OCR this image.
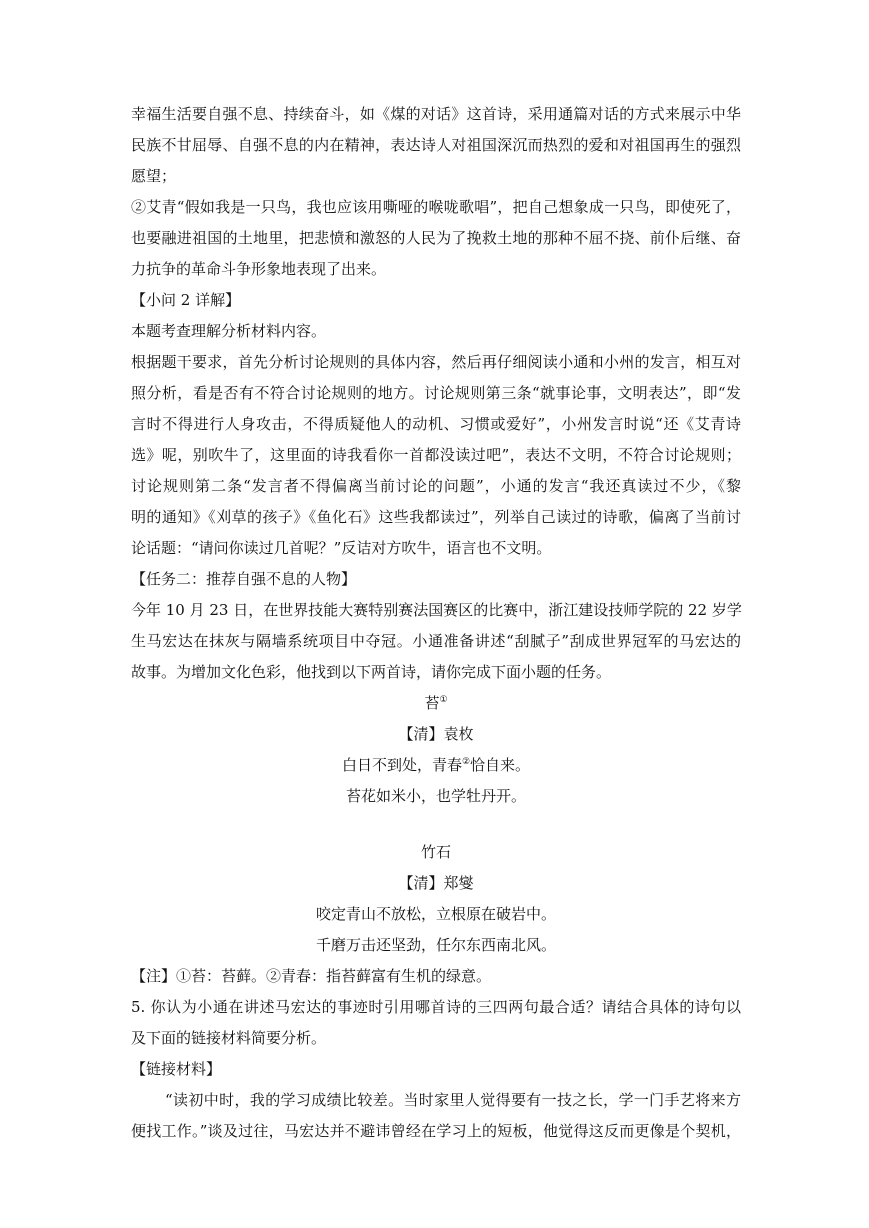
幸福生活要自强不息、持续奋斗，如《煤的对话》这首诗，采用通篇对话的方式来展示中华
民族不甘屈辱、自强不息的内在精神，表达诗人对祖国深沉而热烈的爱和对祖国再生的强烈
愿望；
②艾青“假如我是一只鸟，我也应该用嘶哑的喉咙歌唱”，把自己想象成一只鸟，即使死了，
也要融进祖国的土地里，把悲愤和激怒的人民为了挽救土地的那种不屈不挠、前仆后继、奋
力抗争的革命斗争形象地表现了出来。
【小问 2 详解】
本题考查理解分析材料内容。
根据题干要求，首先分析讨论规则的具体内容，然后再仔细阅读小通和小州的发言，相互对
照分析，看是否有不符合讨论规则的地方。讨论规则第三条“就事论事，文明表达”，即“发
言时不得进行人身攻击，不得质疑他人的动机、习惯或爱好”，小州发言时说“还《艾青诗
选》呢，别吹牛了，这里面的诗我看你一首都没读过吧”，表达不文明，不符合讨论规则；
讨论规则第二条“发言者不得偏离当前讨论的问题”，小通的发言“我还真读过不少，《黎
明的通知》《刈草的孩子》《鱼化石》这些我都读过”，列举自己读过的诗歌，偏离了当前讨
论话题：“请问你读过几首呢？”反诘对方吹牛，语言也不文明。
【任务二：推荐自强不息的人物】
今年 10 月 23 日，在世界技能大赛特别赛法国赛区的比赛中，浙江建设技师学院的 22 岁学
生马宏达在抹灰与隔墙系统项目中夺冠。小通准备讲述“刮腻子”刮成世界冠军的马宏达的
故事。为增加文化色彩，他找到以下两首诗，请你完成下面小题的任务。
苔①
【清】袁枚
白日不到处，青春②恰自来。
苔花如米小，也学牡丹开。
竹石
【清】郑燮
咬定青山不放松，立根原在破岩中。
千磨万击还坚劲，任尔东西南北风。
【注】①苔：苔藓。②青春：指苔藓富有生机的绿意。
5. 你认为小通在讲述马宏达的事迹时引用哪首诗的三四两句最合适？请结合具体的诗句以
及下面的链接材料简要分析。
【链接材料】
“读初中时，我的学习成绩比较差。当时家里人觉得要有一技之长，学一门手艺将来方
便找工作。”谈及过往，马宏达并不避讳曾经在学习上的短板，他觉得这反而更像是个契机，
